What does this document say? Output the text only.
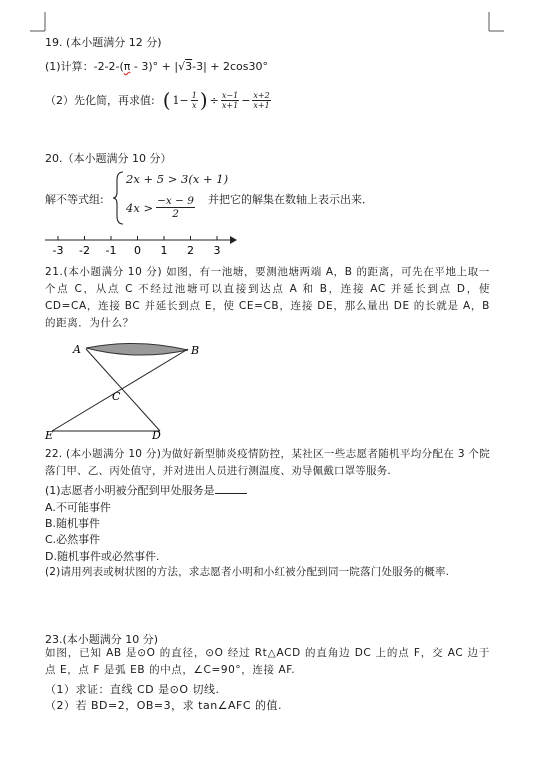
19. (本小题满分 12 分)
(1)计算：-2-2-(π - 3)° + |√3-3| + 2cos30°
（2）先化简，再求值: ( $1- \frac{1}{x}$ ) ÷ $\frac{x-1}{x+1} - \frac{x+2}{x+1}$
20.（本小题满分 10 分）
解不等式组:
2x + 5 > 3(x + 1)
$4x > \frac{-x - 9}{2}$ 并把它的解集在数轴上表示出来．
-3 -2 -1 0 1 2 3
21.(本小题满分 10 分) 如图，有一池塘，要测池塘两端 A，B 的距离，可先在平地上取一个点 C，从点 C 不经过池塘可以直接到达点 A 和 B，连接 AC 并延长到点 D，使 CD=CA，连接 BC 并延长到点 E，使 CE=CB，连接 DE，那么量出 DE 的长就是 A，B 的距离．为什么？
A	B
C
E	D
22. (本小题满分 10 分)为做好新型肺炎疫情防控，某社区一些志愿者随机平均分配在 3 个院落门甲、乙、丙处值守，并对进出人员进行测温度、劝导佩戴口罩等服务.
(1)志愿者小明被分配到甲处服务是
A.不可能事件
B.随机事件
C.必然事件
D.随机事件或必然事件.
(2)请用列表或树状图的方法，求志愿者小明和小红被分配到同一院落门处服务的概率.
23.(本小题满分 10 分)
如图，已知 AB 是⊙O 的直径，⊙O 经过 Rt△ACD 的直角边 DC 上的点 F，交 AC 边于点 E，点 F 是弧 EB 的中点，∠C=90°，连接 AF.
（1）求证：直线 CD 是⊙O 切线.
（2）若 BD=2，OB=3，求 tan∠AFC 的值.
